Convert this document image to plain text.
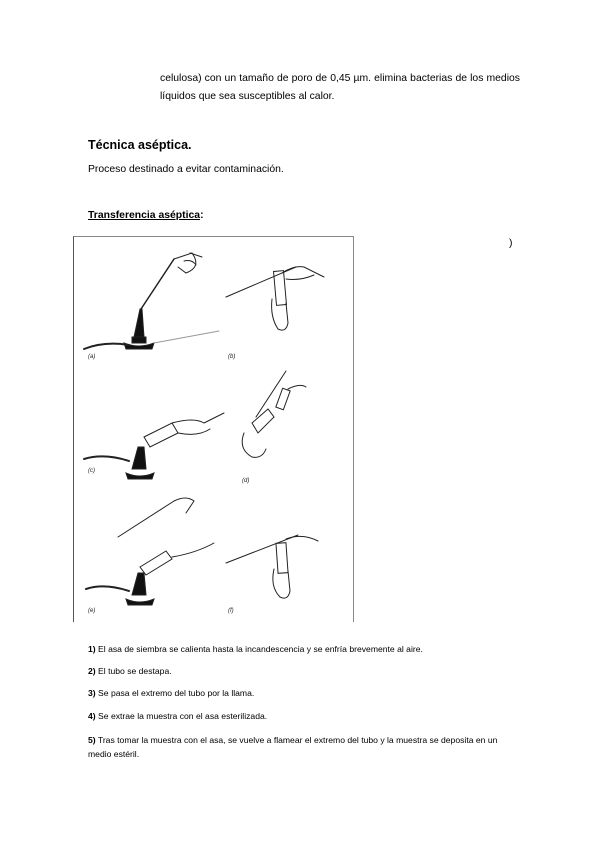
celulosa) con un tamaño de poro de 0,45 µm. elimina bacterias de los medios líquidos que sea susceptibles al calor.
Técnica aséptica.
Proceso destinado a evitar contaminación.
Transferencia aséptica:
)
(a)	(b)
(c)
(d)
(e)	(f)
1) El asa de siembra se calienta hasta la incandescencia y se enfría brevemente al aire.
2) El tubo se destapa.
3) Se pasa el extremo del tubo por la llama.
4) Se extrae la muestra con el asa esterilizada.
5) Tras tomar la muestra con el asa, se vuelve a flamear el extremo del tubo y la muestra se deposita en un medio estéril.
